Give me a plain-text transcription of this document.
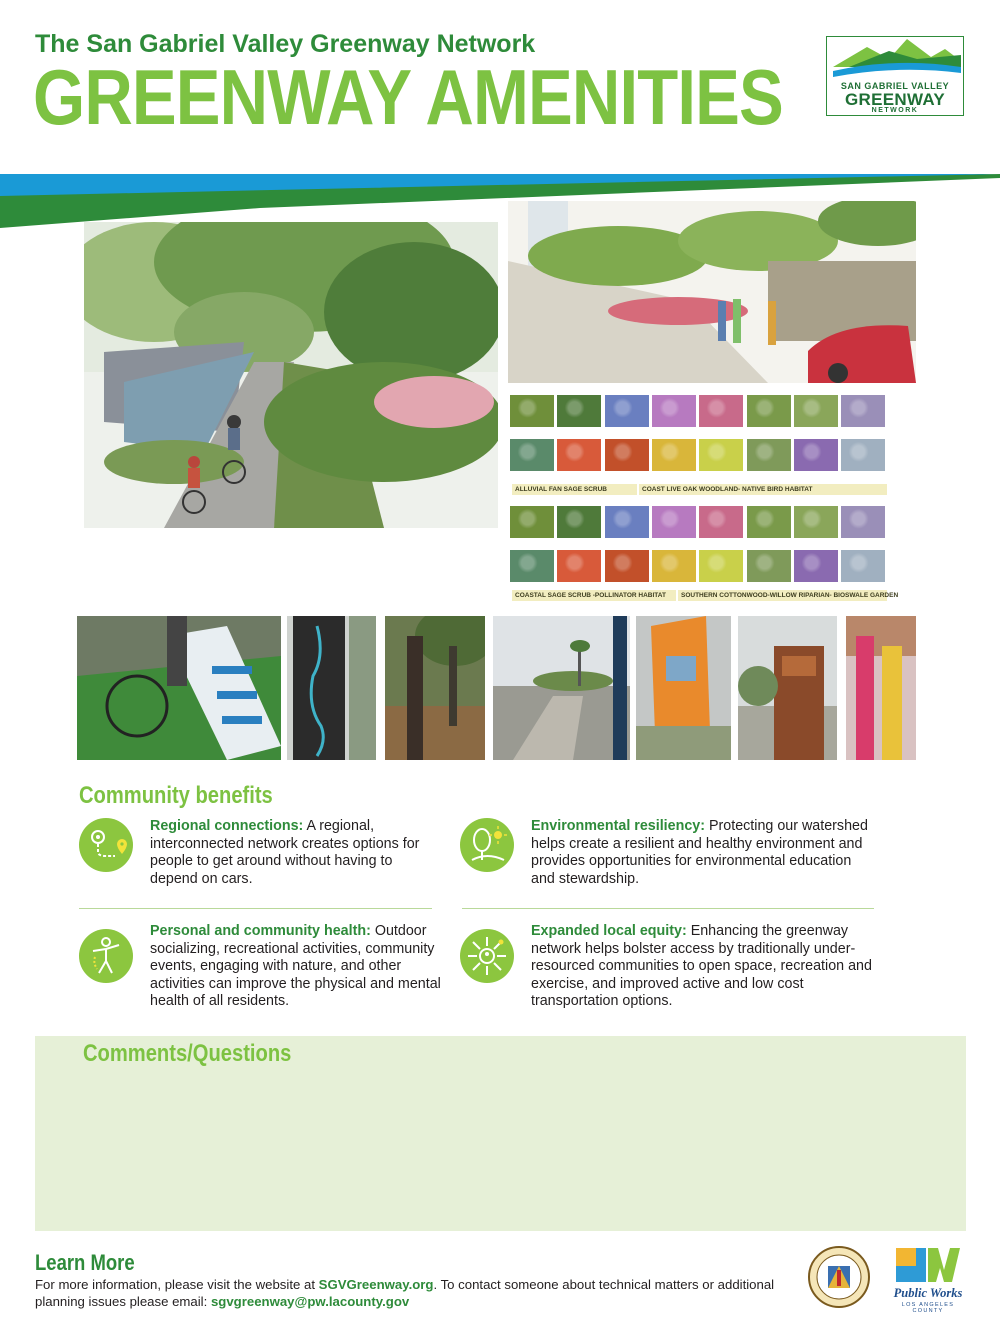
The San Gabriel Valley Greenway Network
GREENWAY AMENITIES	SAN GABRIEL VALLEY
GREENWAY
NETWORK
ALLUVIAL FAN SAGE SCRUB	COAST LIVE OAK WOODLAND- NATIVE BIRD HABITAT
COASTAL SAGE SCRUB -POLLINATOR HABITAT	SOUTHERN COTTONWOOD-WILLOW RIPARIAN- BIOSWALE GARDEN
Community benefits
Regional connections: A regional, interconnected network creates options for people to get around without having to depend on cars.
Environmental resiliency: Protecting our watershed helps create a resilient and healthy environment and provides opportunities for environmental education and stewardship.
Personal and community health: Outdoor socializing, recreational activities, community events, engaging with nature, and other activities can improve the physical and mental health of all residents.
Expanded local equity: Enhancing the greenway network helps bolster access by traditionally under-resourced communities to open space, recreation and exercise, and improved active and low cost transportation options.
Comments/Questions
Learn More
For more information, please visit the website at SGVGreenway.org. To contact someone about technical matters or additional planning issues please email: sgvgreenway@pw.lacounty.gov
Public Works
LOS ANGELES COUNTY
